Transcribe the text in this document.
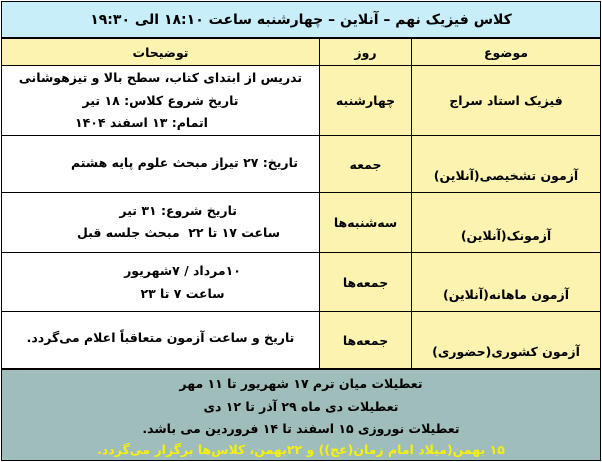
کلاس فیزیک نهم – آنلاین – چهارشنبه ساعت ۱۸:۱۰ الی ۱۹:۳۰
موضوع
روز
توضیحات
فیزیک استاد سراج
چهارشنبه
تدریس از ابتدای کتاب، سطح بالا و تیزهوشانی
تاریخ شروع کلاس: ۱۸ تیر
اتمام: ۱۳ اسفند ۱۴۰۴
آزمون تشخیصی(آنلاین)
جمعه
تاریخ: ۲۷ تیر
از مبحث علوم پایه هشتم
آزمونک(آنلاین)
سه‌شنبه‌ها
تاریخ شروع: ۳۱ تیر
ساعت ۱۷ تا ۲۲
مبحث جلسه قبل
آزمون ماهانه(آنلاین)
جمعه‌ها
۱۰مرداد / ۷شهریور
ساعت ۷ تا ۲۳
آزمون کشوری(حضوری)
جمعه‌ها
تاریخ و ساعت آزمون متعاقباً اعلام می‌گردد.
تعطیلات میان ترم ۱۷ شهریور تا ۱۱ مهر
تعطیلات دی ماه ۲۹ آذر تا ۱۲ دی
تعطیلات نوروزی ۱۵ اسفند تا ۱۴ فروردین می باشد.
۱۵ بهمن(میلاد امام زمان(عج)) و ۲۲بهمن، کلاس‌ها برگزار می‌گردد.
